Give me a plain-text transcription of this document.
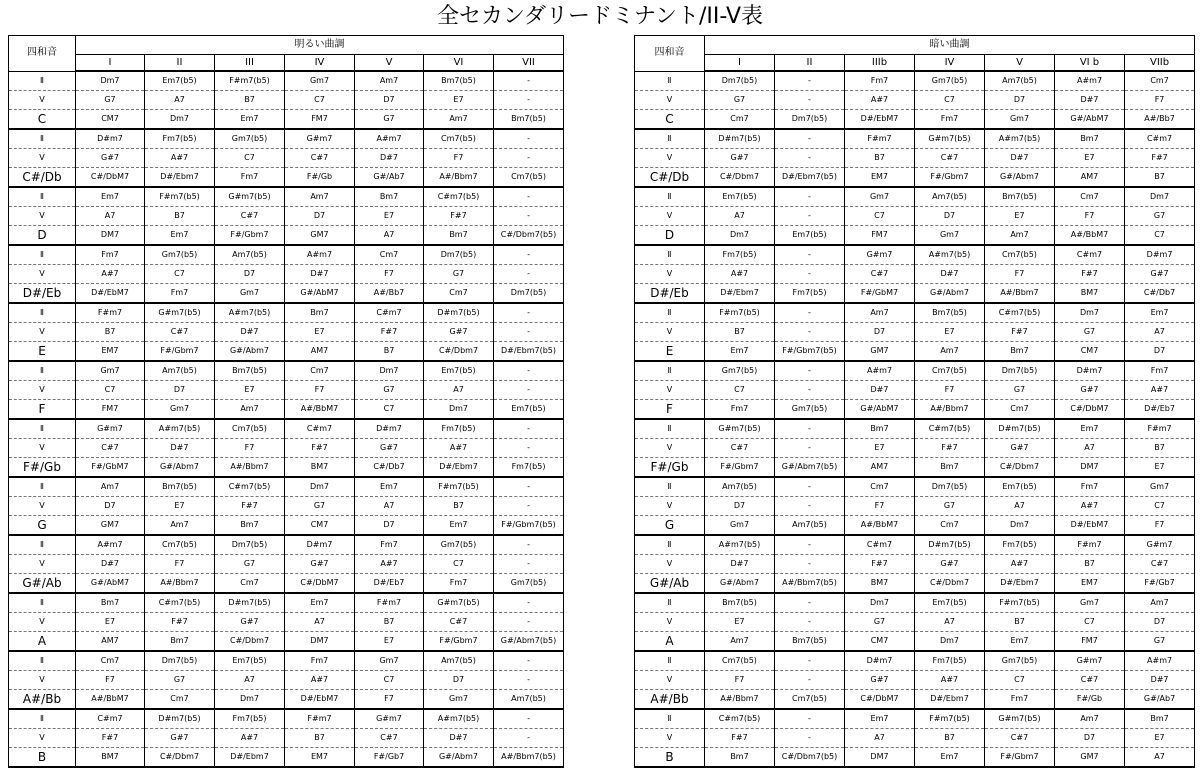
全セカンダリードミナント/II-V表
四和音	明るい曲調						
	I	II	III	IV	V	VI	VII
Ⅱ	Dm7	Em7(b5)	F#m7(b5)	Gm7	Am7	Bm7(b5)	-
V	G7	A7	B7	C7	D7	E7	-
C	CM7	Dm7	Em7	FM7	G7	Am7	Bm7(b5)
Ⅱ	D#m7	Fm7(b5)	Gm7(b5)	G#m7	A#m7	Cm7(b5)	-
V	G#7	A#7	C7	C#7	D#7	F7	-
C#/Db	C#/DbM7	D#/Ebm7	Fm7	F#/Gb	G#/Ab7	A#/Bbm7	Cm7(b5)
Ⅱ	Em7	F#m7(b5)	G#m7(b5)	Am7	Bm7	C#m7(b5)	-
V	A7	B7	C#7	D7	E7	F#7	-
D	DM7	Em7	F#/Gbm7	GM7	A7	Bm7	C#/Dbm7(b5)
Ⅱ	Fm7	Gm7(b5)	Am7(b5)	A#m7	Cm7	Dm7(b5)	-
V	A#7	C7	D7	D#7	F7	G7	-
D#/Eb	D#/EbM7	Fm7	Gm7	G#/AbM7	A#/Bb7	Cm7	Dm7(b5)
Ⅱ	F#m7	G#m7(b5)	A#m7(b5)	Bm7	C#m7	D#m7(b5)	-
V	B7	C#7	D#7	E7	F#7	G#7	-
E	EM7	F#/Gbm7	G#/Abm7	AM7	B7	C#/Dbm7	D#/Ebm7(b5)
Ⅱ	Gm7	Am7(b5)	Bm7(b5)	Cm7	Dm7	Em7(b5)	-
V	C7	D7	E7	F7	G7	A7	-
F	FM7	Gm7	Am7	A#/BbM7	C7	Dm7	Em7(b5)
Ⅱ	G#m7	A#m7(b5)	Cm7(b5)	C#m7	D#m7	Fm7(b5)	-
V	C#7	D#7	F7	F#7	G#7	A#7	-
F#/Gb	F#/GbM7	G#/Abm7	A#/Bbm7	BM7	C#/Db7	D#/Ebm7	Fm7(b5)
Ⅱ	Am7	Bm7(b5)	C#m7(b5)	Dm7	Em7	F#m7(b5)	-
V	D7	E7	F#7	G7	A7	B7	-
G	GM7	Am7	Bm7	CM7	D7	Em7	F#/Gbm7(b5)
Ⅱ	A#m7	Cm7(b5)	Dm7(b5)	D#m7	Fm7	Gm7(b5)	-
V	D#7	F7	G7	G#7	A#7	C7	-
G#/Ab	G#/AbM7	A#/Bbm7	Cm7	C#/DbM7	D#/Eb7	Fm7	Gm7(b5)
Ⅱ	Bm7	C#m7(b5)	D#m7(b5)	Em7	F#m7	G#m7(b5)	-
V	E7	F#7	G#7	A7	B7	C#7	-
A	AM7	Bm7	C#/Dbm7	DM7	E7	F#/Gbm7	G#/Abm7(b5)
Ⅱ	Cm7	Dm7(b5)	Em7(b5)	Fm7	Gm7	Am7(b5)	-
V	F7	G7	A7	A#7	C7	D7	-
A#/Bb	A#/BbM7	Cm7	Dm7	D#/EbM7	F7	Gm7	Am7(b5)
Ⅱ	C#m7	D#m7(b5)	Fm7(b5)	F#m7	G#m7	A#m7(b5)	-
V	F#7	G#7	A#7	B7	C#7	D#7	-
B	BM7	C#/Dbm7	D#/Ebm7	EM7	F#/Gb7	G#/Abm7	A#/Bbm7(b5)
四和音	暗い曲調						
	I	II	IIIb	IV	V	VI b	VIIb
Ⅱ	Dm7(b5)	-	Fm7	Gm7(b5)	Am7(b5)	A#m7	Cm7
V	G7	-	A#7	C7	D7	D#7	F7
C	Cm7	Dm7(b5)	D#/EbM7	Fm7	Gm7	G#/AbM7	A#/Bb7
Ⅱ	D#m7(b5)	-	F#m7	G#m7(b5)	A#m7(b5)	Bm7	C#m7
V	G#7	-	B7	C#7	D#7	E7	F#7
C#/Db	C#/Dbm7	D#/Ebm7(b5)	EM7	F#/Gbm7	G#/Abm7	AM7	B7
Ⅱ	Em7(b5)	-	Gm7	Am7(b5)	Bm7(b5)	Cm7	Dm7
V	A7	-	C7	D7	E7	F7	G7
D	Dm7	Em7(b5)	FM7	Gm7	Am7	A#/BbM7	C7
Ⅱ	Fm7(b5)	-	G#m7	A#m7(b5)	Cm7(b5)	C#m7	D#m7
V	A#7	-	C#7	D#7	F7	F#7	G#7
D#/Eb	D#/Ebm7	Fm7(b5)	F#/GbM7	G#/Abm7	A#/Bbm7	BM7	C#/Db7
Ⅱ	F#m7(b5)	-	Am7	Bm7(b5)	C#m7(b5)	Dm7	Em7
V	B7	-	D7	E7	F#7	G7	A7
E	Em7	F#/Gbm7(b5)	GM7	Am7	Bm7	CM7	D7
Ⅱ	Gm7(b5)	-	A#m7	Cm7(b5)	Dm7(b5)	D#m7	Fm7
V	C7	-	D#7	F7	G7	G#7	A#7
F	Fm7	Gm7(b5)	G#/AbM7	A#/Bbm7	Cm7	C#/DbM7	D#/Eb7
Ⅱ	G#m7(b5)	-	Bm7	C#m7(b5)	D#m7(b5)	Em7	F#m7
V	C#7	-	E7	F#7	G#7	A7	B7
F#/Gb	F#/Gbm7	G#/Abm7(b5)	AM7	Bm7	C#/Dbm7	DM7	E7
Ⅱ	Am7(b5)	-	Cm7	Dm7(b5)	Em7(b5)	Fm7	Gm7
V	D7	-	F7	G7	A7	A#7	C7
G	Gm7	Am7(b5)	A#/BbM7	Cm7	Dm7	D#/EbM7	F7
Ⅱ	A#m7(b5)	-	C#m7	D#m7(b5)	Fm7(b5)	F#m7	G#m7
V	D#7	-	F#7	G#7	A#7	B7	C#7
G#/Ab	G#/Abm7	A#/Bbm7(b5)	BM7	C#/Dbm7	D#/Ebm7	EM7	F#/Gb7
Ⅱ	Bm7(b5)	-	Dm7	Em7(b5)	F#m7(b5)	Gm7	Am7
V	E7	-	G7	A7	B7	C7	D7
A	Am7	Bm7(b5)	CM7	Dm7	Em7	FM7	G7
Ⅱ	Cm7(b5)	-	D#m7	Fm7(b5)	Gm7(b5)	G#m7	A#m7
V	F7	-	G#7	A#7	C7	C#7	D#7
A#/Bb	A#/Bbm7	Cm7(b5)	C#/DbM7	D#/Ebm7	Fm7	F#/Gb	G#/Ab7
Ⅱ	C#m7(b5)	-	Em7	F#m7(b5)	G#m7(b5)	Am7	Bm7
V	F#7	-	A7	B7	C#7	D7	E7
B	Bm7	C#/Dbm7(b5)	DM7	Em7	F#/Gbm7	GM7	A7
